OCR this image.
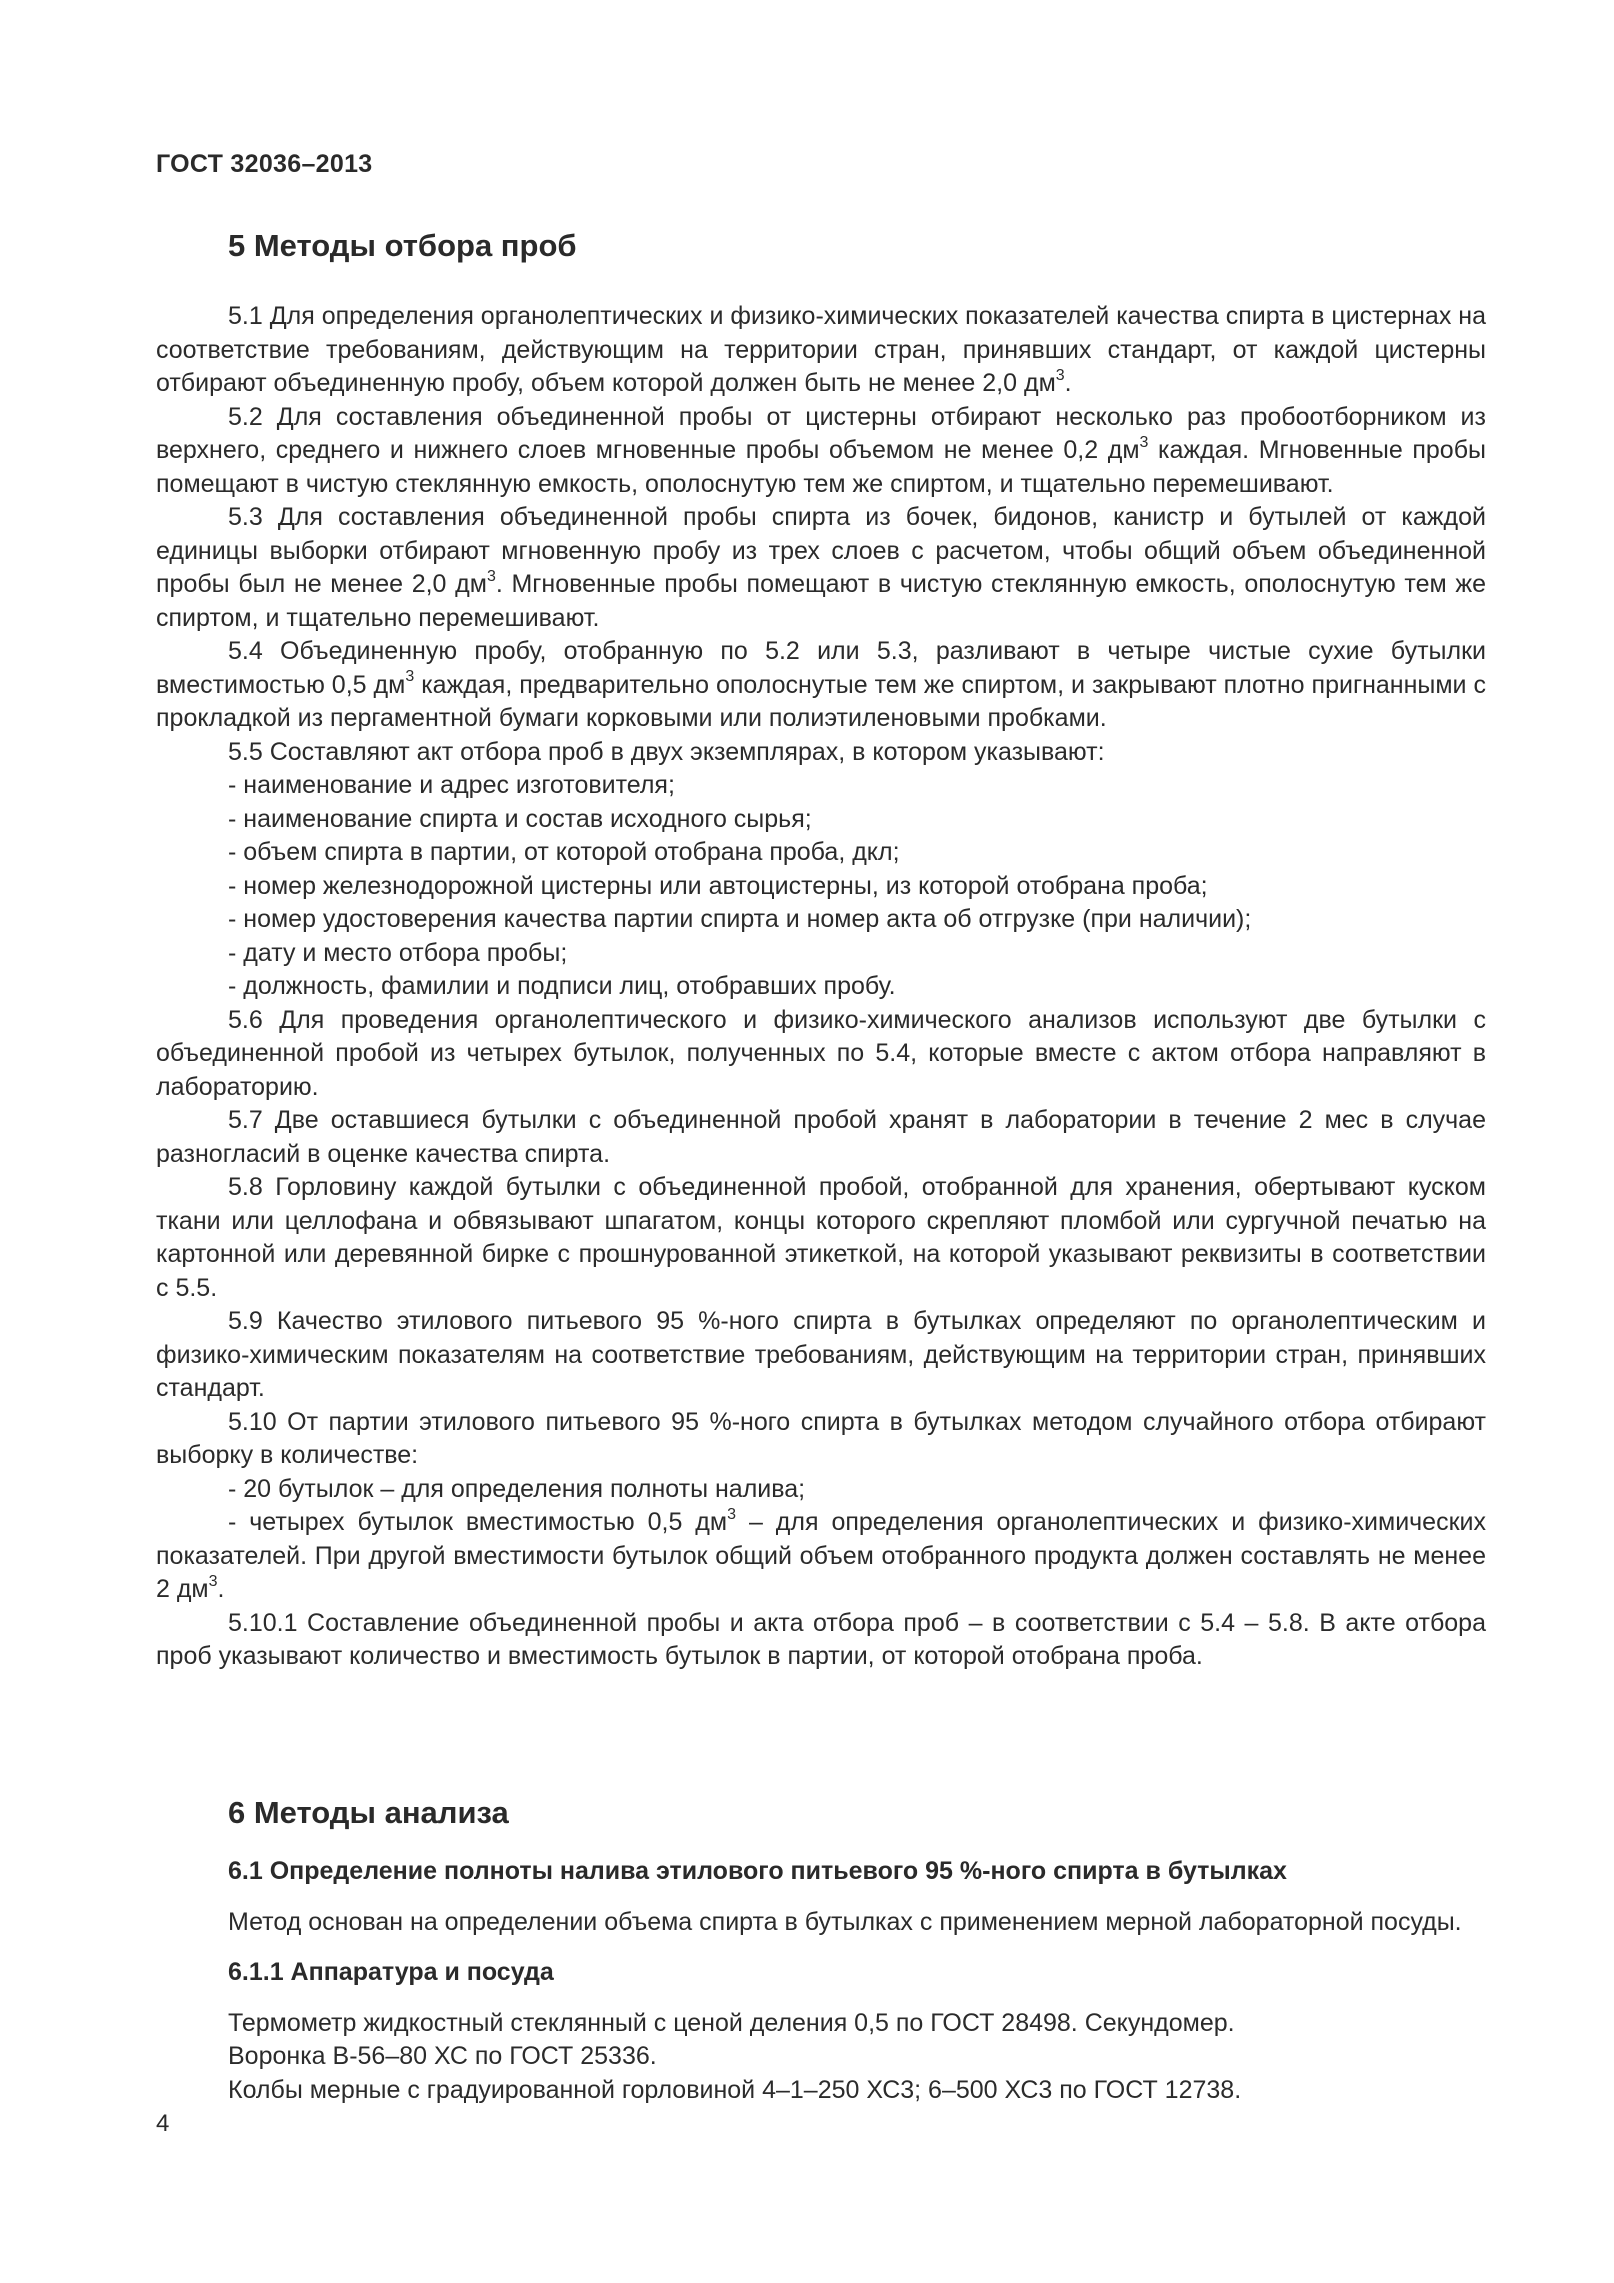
ГОСТ 32036–2013
5 Методы отбора проб

5.1 Для определения органолептических и физико-химических показателей качества спирта в цистернах на соответствие требованиям, действующим на территории стран, принявших стандарт, от каждой цистерны отбирают объединенную пробу, объем которой должен быть не менее 2,0 $дм^3$.

5.2 Для составления объединенной пробы от цистерны отбирают несколько раз пробоотборником из верхнего, среднего и нижнего слоев мгновенные пробы объемом не менее 0,2 $дм^3$ каждая. Мгновенные пробы помещают в чистую стеклянную емкость, ополоснутую тем же спиртом, и тщательно перемешивают.

5.3 Для составления объединенной пробы спирта из бочек, бидонов, канистр и бутылей от каждой единицы выборки отбирают мгновенную пробу из трех слоев с расчетом, чтобы общий объем объединенной пробы был не менее 2,0 $дм^3$. Мгновенные пробы помещают в чистую стеклянную емкость, ополоснутую тем же спиртом, и тщательно перемешивают.

5.4 Объединенную пробу, отобранную по 5.2 или 5.3, разливают в четыре чистые сухие бутылки вместимостью 0,5 $дм^3$ каждая, предварительно ополоснутые тем же спиртом, и закрывают плотно пригнанными с прокладкой из пергаментной бумаги корковыми или полиэтиленовыми пробками.

5.5 Составляют акт отбора проб в двух экземплярах, в котором указывают:

- наименование и адрес изготовителя;

- наименование спирта и состав исходного сырья;

- объем спирта в партии, от которой отобрана проба, дкл;

- номер железнодорожной цистерны или автоцистерны, из которой отобрана проба;

- номер удостоверения качества партии спирта и номер акта об отгрузке (при наличии);

- дату и место отбора пробы;

- должность, фамилии и подписи лиц, отобравших пробу.

5.6 Для проведения органолептического и физико-химического анализов используют две бутылки с объединенной пробой из четырех бутылок, полученных по 5.4, которые вместе с актом отбора направляют в лабораторию.

5.7 Две оставшиеся бутылки с объединенной пробой хранят в лаборатории в течение 2 мес в случае разногласий в оценке качества спирта.

5.8 Горловину каждой бутылки с объединенной пробой, отобранной для хранения, обертывают куском ткани или целлофана и обвязывают шпагатом, концы которого скрепляют пломбой или сургучной печатью на картонной или деревянной бирке с прошнурованной этикеткой, на которой указывают реквизиты в соответствии с 5.5.

5.9 Качество этилового питьевого 95 %-ного спирта в бутылках определяют по органолептическим и физико-химическим показателям на соответствие требованиям, действующим на территории стран, принявших стандарт.

5.10 От партии этилового питьевого 95 %-ного спирта в бутылках методом случайного отбора отбирают выборку в количестве:

- 20 бутылок – для определения полноты налива;

- четырех бутылок вместимостью 0,5 $дм^3$ – для определения органолептических и физико-химических показателей. При другой вместимости бутылок общий объем отобранного продукта должен составлять не менее 2 $дм^3$.

5.10.1 Составление объединенной пробы и акта отбора проб – в соответствии с 5.4 – 5.8. В акте отбора проб указывают количество и вместимость бутылок в партии, от которой отобрана проба.

6 Методы анализа
6.1 Определение полноты налива этилового питьевого 95 %-ного спирта в бутылках

Метод основан на определении объема спирта в бутылках с применением мерной лабораторной посуды.

6.1.1 Аппаратура и посуда

Термометр жидкостный стеклянный с ценой деления 0,5 по ГОСТ 28498. Секундомер.

Воронка В-56–80 ХС по ГОСТ 25336.

Колбы мерные с градуированной горловиной 4–1–250 ХС3; 6–500 ХС3 по ГОСТ 12738.

4
